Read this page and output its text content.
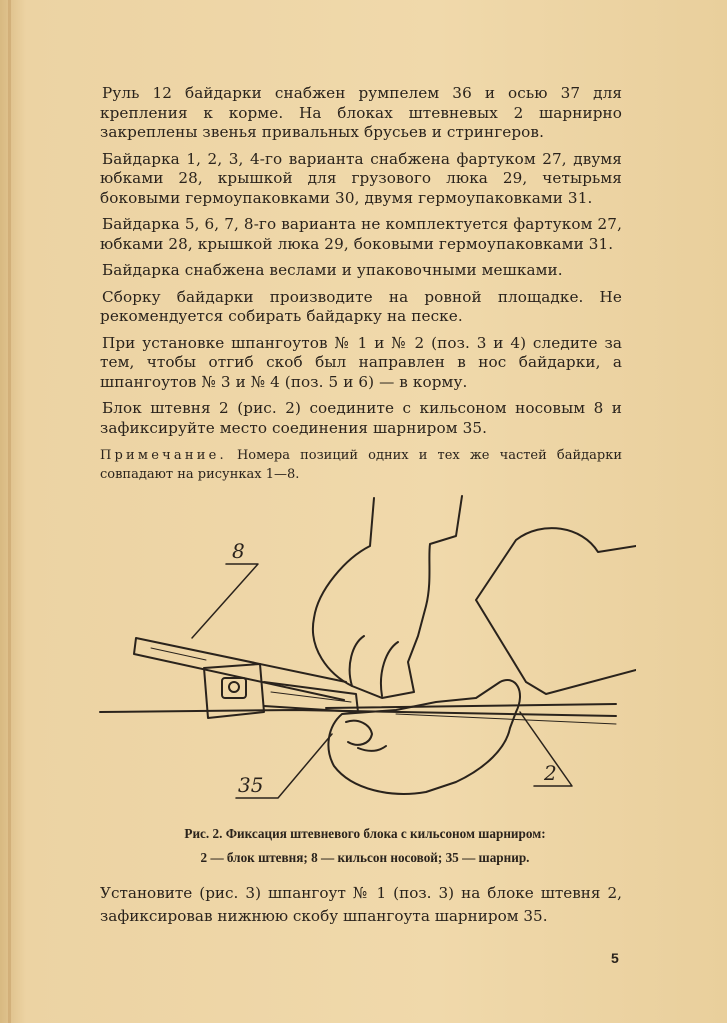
Руль 12 байдарки снабжен румпелем 36 и осью 37 для крепления к корме. На блоках штевневых 2 шарнирно закреплены звенья привальных брусьев и стрингеров.

Байдарка 1, 2, 3, 4-го варианта снабжена фартуком 27, двумя юбками 28, крышкой для грузового люка 29, четырьмя боковыми гермоупаковками 30, двумя гермоупаковками 31.

Байдарка 5, 6, 7, 8-го варианта не комплектуется фартуком 27, юбками 28, крышкой люка 29, боковыми гермоупаковками 31.

Байдарка снабжена веслами и упаковочными мешками.

Сборку байдарки производите на ровной площадке. Не рекомендуется собирать байдарку на песке.

При установке шпангоутов № 1 и № 2 (поз. 3 и 4) следите за тем, чтобы отгиб скоб был направлен в нос байдарки, а шпангоутов № 3 и № 4 (поз. 5 и 6) — в корму.

Блок штевня 2 (рис. 2) соедините с кильсоном носовым 8 и зафиксируйте место соединения шарниром 35.

Примечание. Номера позиций одних и тех же частей байдарки совпадают на рисунках 1—8.

8
35	2
Рис. 2. Фиксация штевневого блока с кильсоном шарниром:
2 — блок штевня; 8 — кильсон носовой; 35 — шарнир.

Установите (рис. 3) шпангоут № 1 (поз. 3) на блоке штевня 2, зафиксировав нижнюю скобу шпангоута шарниром 35.

5
